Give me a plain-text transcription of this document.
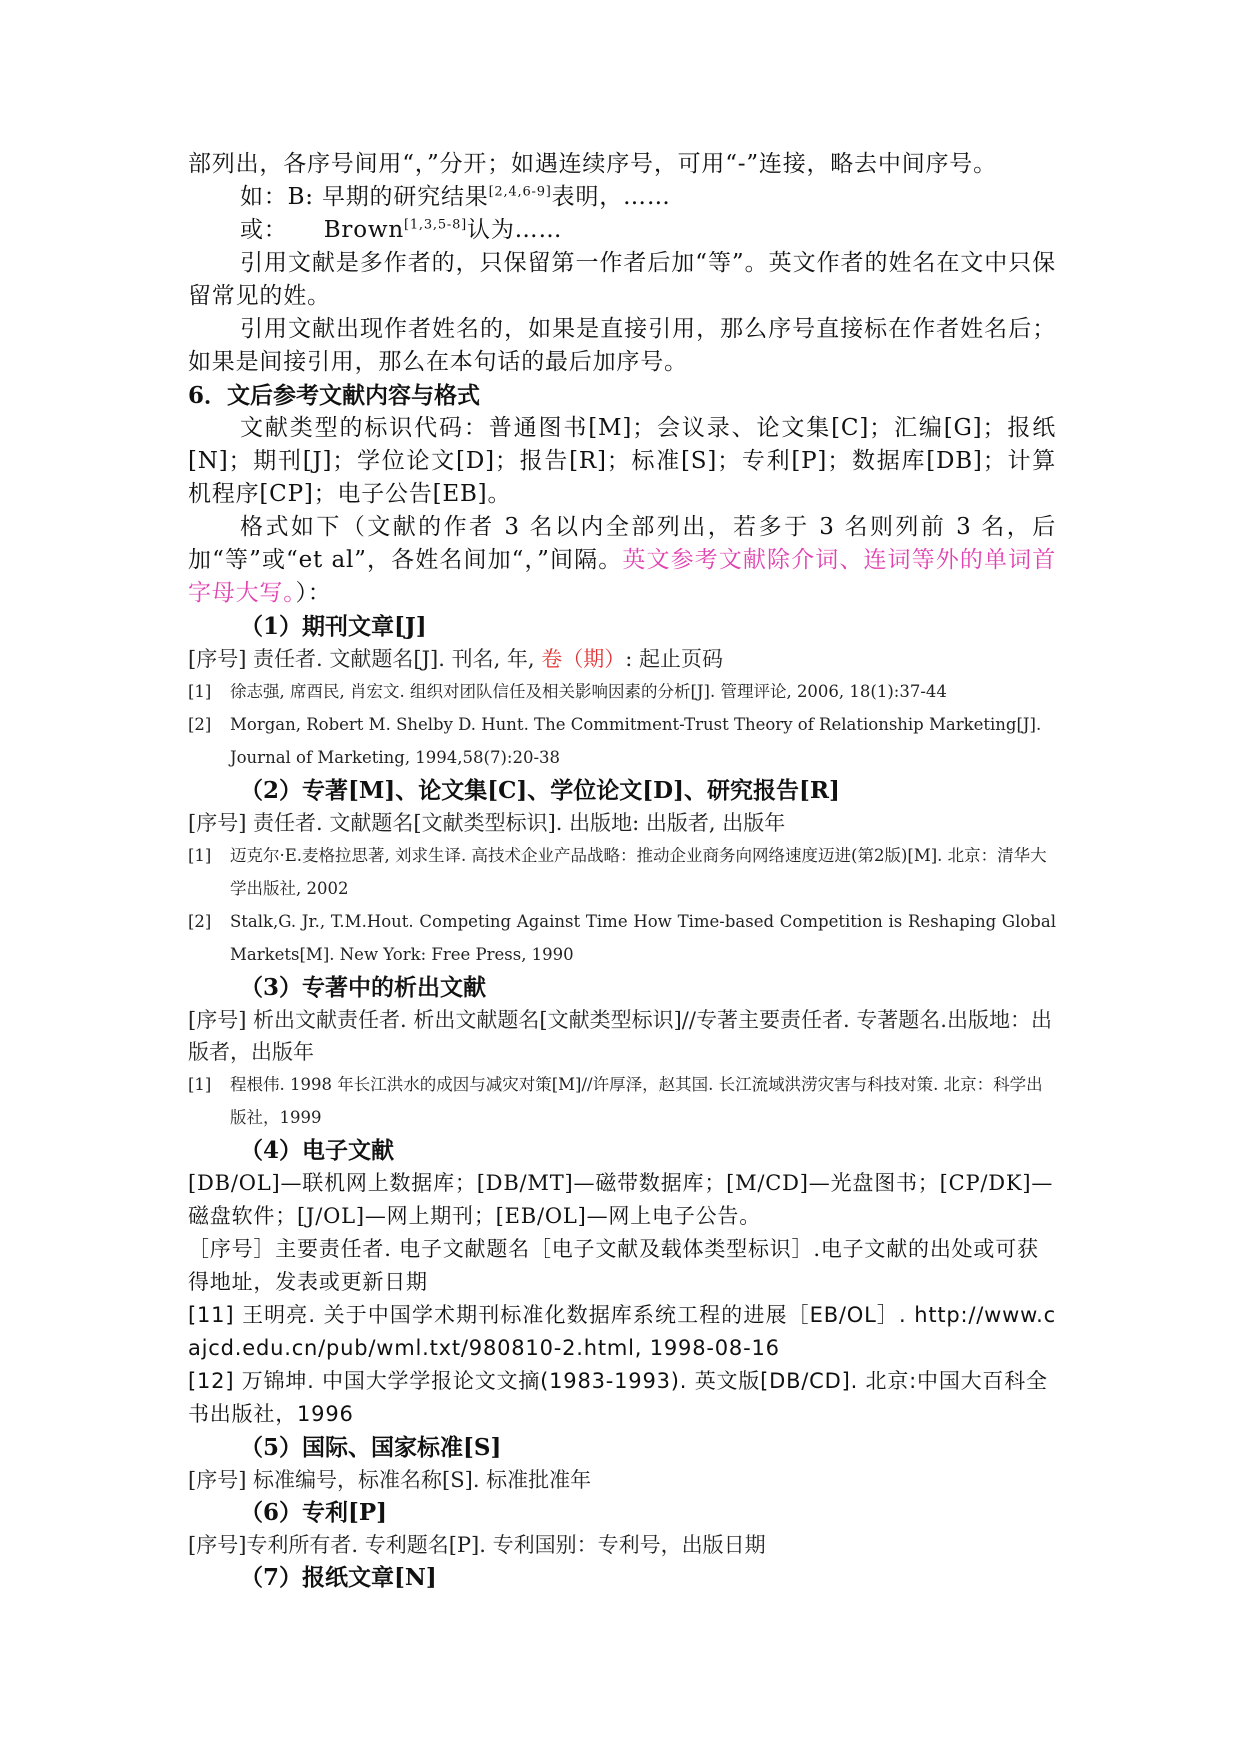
部列出，各序号间用“，”分开；如遇连续序号，可用“-”连接，略去中间序号。

如：B: 早期的研究结果[2,4,6-9]表明，……

或：　　Brown[1,3,5-8]认为……

引用文献是多作者的，只保留第一作者后加“等”。英文作者的姓名在文中只保留常见的姓。

引用文献出现作者姓名的，如果是直接引用，那么序号直接标在作者姓名后；如果是间接引用，那么在本句话的最后加序号。

6．文后参考文献内容与格式

文献类型的标识代码：普通图书[M]；会议录、论文集[C]；汇编[G]；报纸[N]；期刊[J]；学位论文[D]；报告[R]；标准[S]；专利[P]；数据库[DB]；计算机程序[CP]；电子公告[EB]。

格式如下（文献的作者 3 名以内全部列出，若多于 3 名则列前 3 名，后加“等”或“et al”，各姓名间加“，”间隔。英文参考文献除介词、连词等外的单词首字母大写。）：

（1）期刊文章[J]

[序号] 责任者. 文献题名[J]. 刊名, 年, 卷（期）: 起止页码

[1]	徐志强, 席酉民, 肖宏文. 组织对团队信任及相关影响因素的分析[J]. 管理评论, 2006, 18(1):37-44
[2]	Morgan, Robert M. Shelby D. Hunt. The Commitment-Trust Theory of Relationship Marketing[J]. Journal of Marketing, 1994,58(7):20-38

（2）专著[M]、论文集[C]、学位论文[D]、研究报告[R]

[序号] 责任者. 文献题名[文献类型标识]. 出版地: 出版者, 出版年

[1]	迈克尔·E.麦格拉思著, 刘求生译. 高技术企业产品战略：推动企业商务向网络速度迈进(第2版)[M]. 北京：清华大学出版社, 2002
[2]	Stalk,G. Jr., T.M.Hout. Competing Against Time How Time-based Competition is Reshaping Global Markets[M]. New York: Free Press, 1990

（3）专著中的析出文献

[序号] 析出文献责任者. 析出文献题名[文献类型标识]//专著主要责任者. 专著题名.出版地：出版者，出版年

[1]	程根伟. 1998 年长江洪水的成因与减灾对策[M]//许厚泽，赵其国. 长江流域洪涝灾害与科技对策. 北京：科学出版社，1999

（4）电子文献

[DB/OL]—联机网上数据库；[DB/MT]—磁带数据库；[M/CD]—光盘图书；[CP/DK]—磁盘软件；[J/OL]—网上期刊；[EB/OL]—网上电子公告。

［序号］主要责任者. 电子文献题名［电子文献及载体类型标识］.电子文献的出处或可获得地址，发表或更新日期

[11] 王明亮. 关于中国学术期刊标准化数据库系统工程的进展［EB/OL］. http://www.cajcd.edu.cn/pub/wml.txt/980810-2.html, 1998-08-16

[12] 万锦坤. 中国大学学报论文文摘(1983-1993). 英文版[DB/CD]. 北京:中国大百科全书出版社，1996

（5）国际、国家标准[S]

[序号] 标准编号，标准名称[S]. 标准批准年

（6）专利[P]

[序号]专利所有者. 专利题名[P]. 专利国别：专利号，出版日期

（7）报纸文章[N]
